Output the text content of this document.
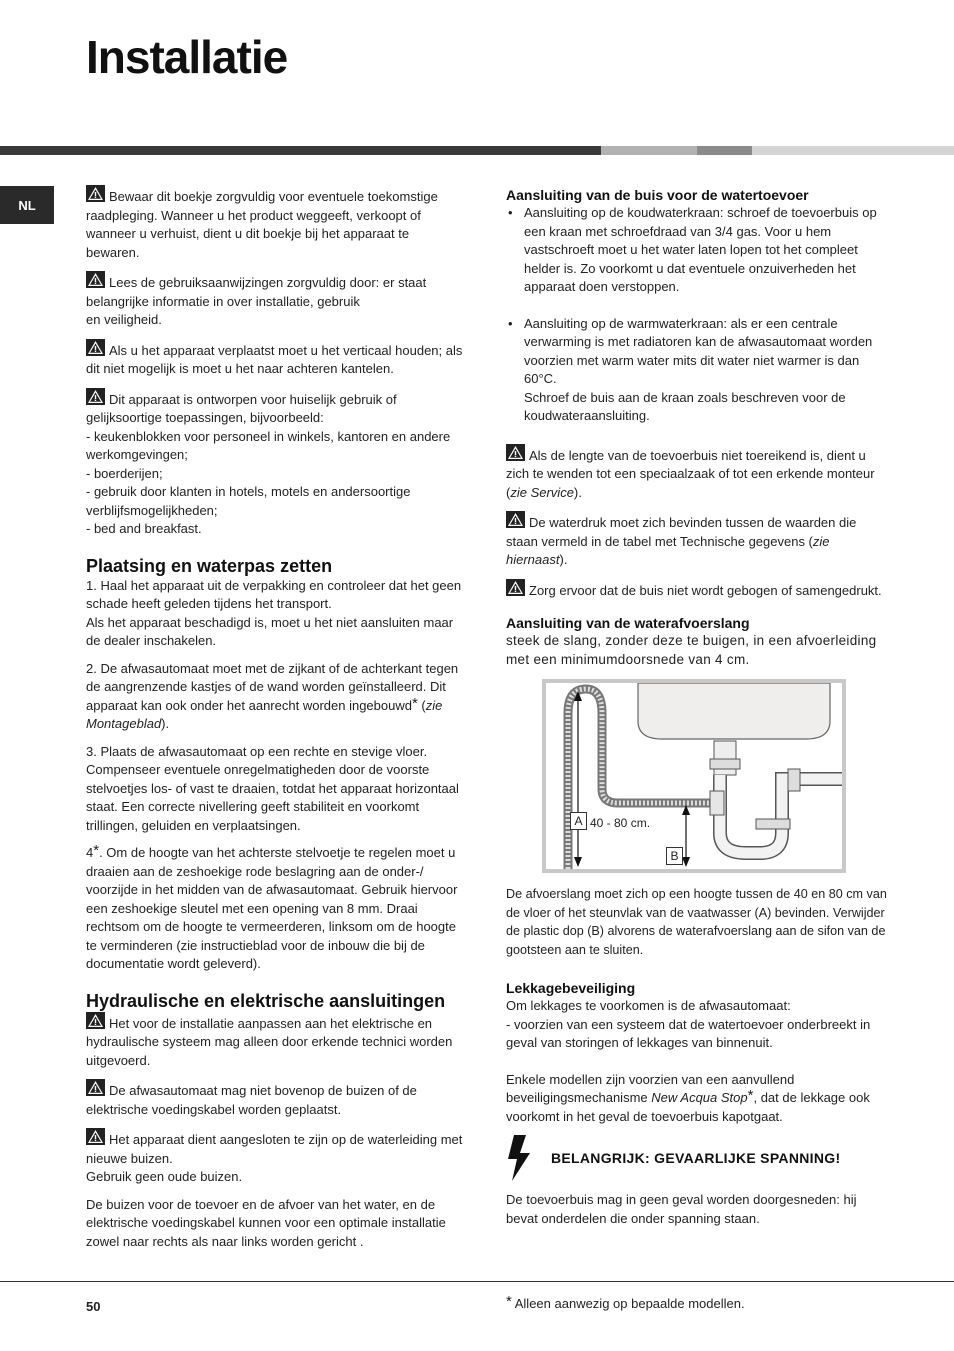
Installatie
NL

Bewaar dit boekje zorgvuldig voor eventuele toekomstige raadpleging. Wanneer u het product weggeeft, verkoopt of wanneer u verhuist, dient u dit boekje bij het apparaat te bewaren.

Lees de gebruiksaanwijzingen zorgvuldig door: er staat belangrijke informatie in over installatie, gebruik
en veiligheid.

Als u het apparaat verplaatst moet u het verticaal houden; als dit niet mogelijk is moet u het naar achteren kantelen.

Dit apparaat is ontworpen voor huiselijk gebruik of gelijksoortige toepassingen, bijvoorbeeld:
- keukenblokken voor personeel in winkels, kantoren en andere werkomgevingen;
- boerderijen;
- gebruik door klanten in hotels, motels en andersoortige verblijfsmogelijkheden;
- bed and breakfast.

Plaatsing en waterpas zetten

1. Haal het apparaat uit de verpakking en controleer dat het geen schade heeft geleden tijdens het transport.
Als het apparaat beschadigd is, moet u het niet aansluiten maar de dealer inschakelen.

2. De afwasautomaat moet met de zijkant of de achterkant tegen de aangrenzende kastjes of de wand worden geïnstalleerd. Dit apparaat kan ook onder het aanrecht worden ingebouwd* (zie Montageblad).

3. Plaats de afwasautomaat op een rechte en stevige vloer. Compenseer eventuele onregelmatigheden door de voorste stelvoetjes los- of vast te draaien, totdat het apparaat horizontaal staat. Een correcte nivellering geeft stabiliteit en voorkomt trillingen, geluiden en verplaatsingen.

4*. Om de hoogte van het achterste stelvoetje te regelen moet u draaien aan de zeshoekige rode beslagring aan de onder-/ voorzijde in het midden van de afwasautomaat. Gebruik hiervoor een zeshoekige sleutel met een opening van 8 mm. Draai rechtsom om de hoogte te vermeerderen, linksom om de hoogte te verminderen (zie instructieblad voor de inbouw die bij de documentatie wordt geleverd).

Hydraulische en elektrische aansluitingen

Het voor de installatie aanpassen aan het elektrische en hydraulische systeem mag alleen door erkende technici worden uitgevoerd.

De afwasautomaat mag niet bovenop de buizen of de elektrische voedingskabel worden geplaatst.

Het apparaat dient aangesloten te zijn op de waterleiding met nieuwe buizen.
Gebruik geen oude buizen.

De buizen voor de toevoer en de afvoer van het water, en de elektrische voedingskabel kunnen voor een optimale installatie zowel naar rechts als naar links worden gericht .

Aansluiting van de buis voor de watertoevoer
• Aansluiting op de koudwaterkraan: schroef de toevoerbuis op een kraan met schroefdraad van 3/4 gas. Voor u hem vastschroeft moet u het water laten lopen tot het compleet helder is. Zo voorkomt u dat eventuele onzuiverheden het apparaat doen verstoppen.
• Aansluiting op de warmwaterkraan: als er een centrale verwarming is met radiatoren kan de afwasautomaat worden voorzien met warm water mits dit water niet warmer is dan 60°C.
Schroef de buis aan de kraan zoals beschreven voor de koudwateraansluiting.

Als de lengte van de toevoerbuis niet toereikend is, dient u zich te wenden tot een speciaalzaak of tot een erkende monteur (zie Service).

De waterdruk moet zich bevinden tussen de waarden die staan vermeld in de tabel met Technische gegevens (zie hiernaast).

Zorg ervoor dat de buis niet wordt gebogen of samengedrukt.

Aansluiting van de waterafvoerslang

steek de slang, zonder deze te buigen, in een afvoerleiding met een minimumdoorsnede van 4 cm.

A 40 - 80 cm.
B

De afvoerslang moet zich op een hoogte tussen de 40 en 80 cm van de vloer of het steunvlak van de vaatwasser (A) bevinden. Verwijder de plastic dop (B) alvorens de waterafvoerslang aan de sifon van de gootsteen aan te sluiten.

Lekkagebeveiliging

Om lekkages te voorkomen is de afwasautomaat:
- voorzien van een systeem dat de watertoevoer onderbreekt in geval van storingen of lekkages van binnenuit.

Enkele modellen zijn voorzien van een aanvullend beveiligingsmechanisme New Acqua Stop*, dat de lekkage ook voorkomt in het geval de toevoerbuis kapotgaat.

BELANGRIJK: GEVAARLIJKE SPANNING!

De toevoerbuis mag in geen geval worden doorgesneden: hij bevat onderdelen die onder spanning staan.

50	* Alleen aanwezig op bepaalde modellen.
